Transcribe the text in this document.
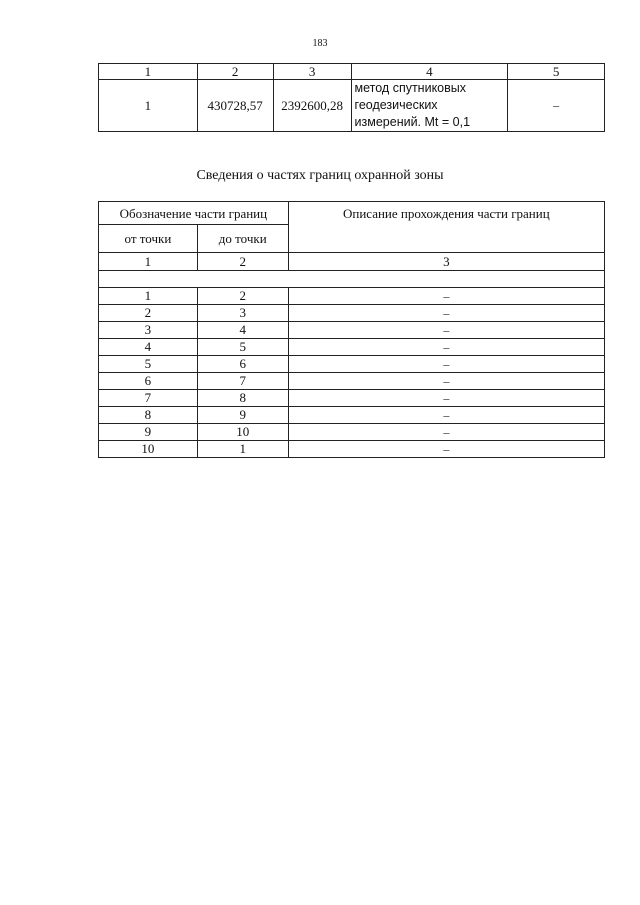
183
1	2	3	4	5
1	430728,57	2392600,28	метод спутниковых
геодезических
измерений. Mt = 0,1	–
Сведения о частях границ охранной зоны
Обозначение части границ		Описание прохождения части границ
от точки	до точки	
1	2	3

1	2	–
2	3	–
3	4	–
4	5	–
5	6	–
6	7	–
7	8	–
8	9	–
9	10	–
10	1	–
